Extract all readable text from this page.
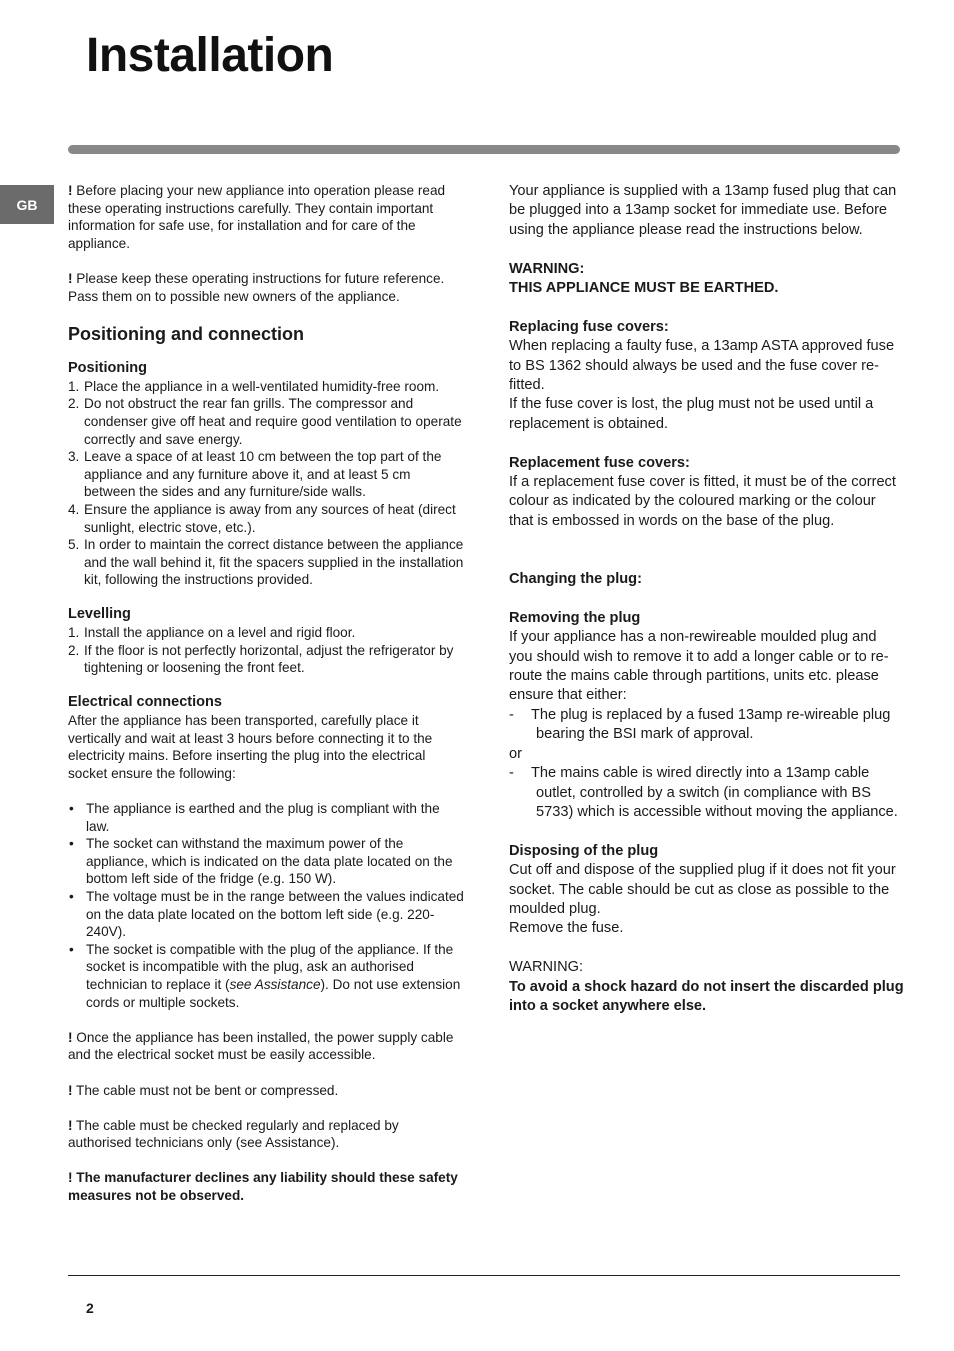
Installation
GB

! Before placing your new appliance into operation please read these operating instructions carefully. They contain important information for safe use, for installation and for care of the appliance.

! Please keep these operating instructions for future reference. Pass them on to possible new owners of the appliance.

Positioning and connection
Positioning
1. Place the appliance in a well-ventilated humidity-free room.
2. Do not obstruct the rear fan grills. The compressor and condenser give off heat and require good ventilation to operate correctly and save energy.
3. Leave a space of at least 10 cm between the top part of the appliance and any furniture above it, and at least 5 cm between the sides and any furniture/side walls.
4. Ensure the appliance is away from any sources of heat (direct sunlight, electric stove, etc.).
5. In order to maintain the correct distance between the appliance and the wall behind it, fit the spacers supplied in the installation kit, following the instructions provided.
Levelling
1. Install the appliance on a level and rigid floor.
2. If the floor is not perfectly horizontal, adjust the refrigerator by tightening or loosening the front feet.
Electrical connections

After the appliance has been transported, carefully place it vertically and wait at least 3 hours before connecting it to the electricity mains. Before inserting the plug into the electrical socket ensure the following:

• The appliance is earthed and the plug is compliant with the law.
• The socket can withstand the maximum power of the appliance, which is indicated on the data plate located on the bottom left side of the fridge (e.g. 150 W).
• The voltage must be in the range between the values indicated on the data plate located on the bottom left side (e.g. 220-240V).
• The socket is compatible with the plug of the appliance. If the socket is incompatible with the plug, ask an authorised technician to replace it (see Assistance). Do not use extension cords or multiple sockets.

! Once the appliance has been installed, the power supply cable and the electrical socket must be easily accessible.

! The cable must not be bent or compressed.

! The cable must be checked regularly and replaced by authorised technicians only (see Assistance).

! The manufacturer declines any liability should these safety measures not be observed.

Your appliance is supplied with a 13amp fused plug that can be plugged into a 13amp socket for immediate use. Before using the appliance please read the instructions below.

WARNING:

THIS APPLIANCE MUST BE EARTHED.

Replacing fuse covers:

When replacing a faulty fuse, a 13amp ASTA approved fuse to BS 1362 should always be used and the fuse cover re-fitted.

If the fuse cover is lost, the plug must not be used until a replacement is obtained.

Replacement fuse covers:

If a replacement fuse cover is fitted, it must be of the correct colour as indicated by the coloured marking or the colour that is embossed in words on the base of the plug.

Changing the plug:

Removing the plug

If your appliance has a non-rewireable moulded plug and you should wish to remove it to add a longer cable or to re-route the mains cable through partitions, units etc. please ensure that either:

- The plug is replaced by a fused 13amp re-wireable plug bearing the BSI mark of approval.

or

- The mains cable is wired directly into a 13amp cable outlet, controlled by a switch (in compliance with BS 5733) which is accessible without moving the appliance.

Disposing of the plug

Cut off and dispose of the supplied plug if it does not fit your socket. The cable should be cut as close as possible to the moulded plug.

Remove the fuse.

WARNING:

To avoid a shock hazard do not insert the discarded plug into a socket anywhere else.

2
